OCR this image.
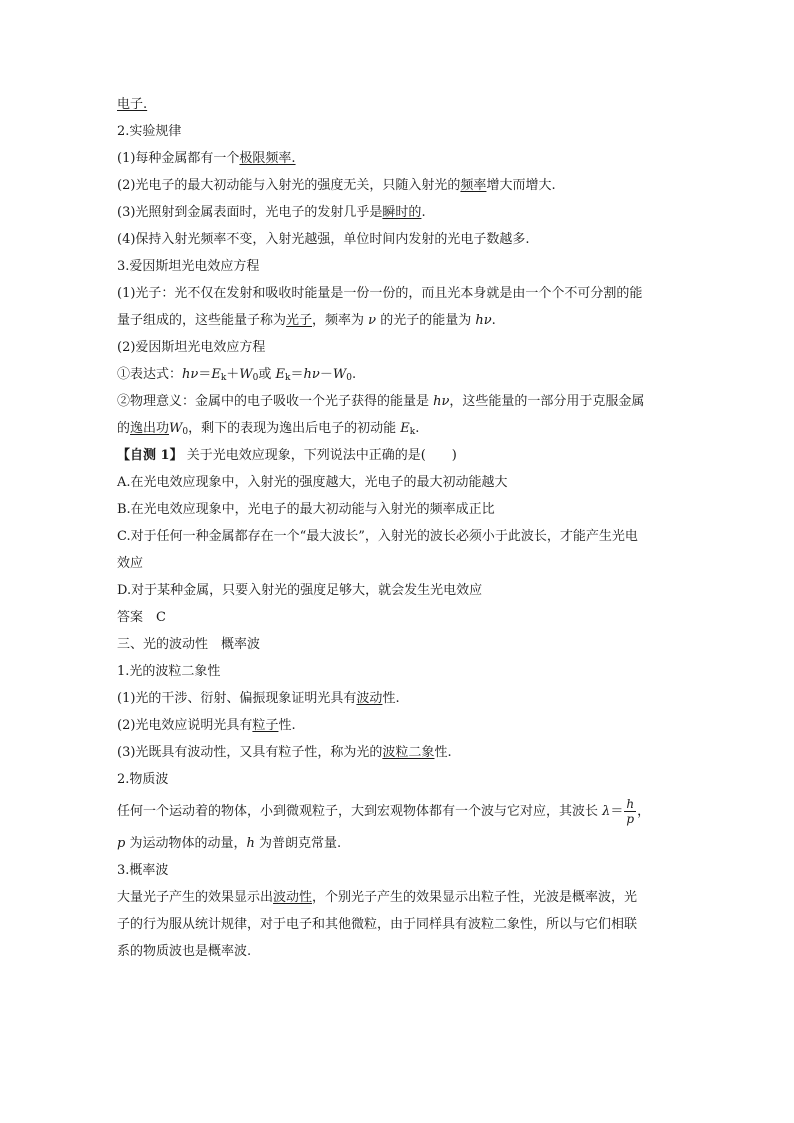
电子.

2.实验规律

(1)每种金属都有一个极限频率.

(2)光电子的最大初动能与入射光的强度无关，只随入射光的频率增大而增大.

(3)光照射到金属表面时，光电子的发射几乎是瞬时的.

(4)保持入射光频率不变，入射光越强，单位时间内发射的光电子数越多.

3.爱因斯坦光电效应方程

(1)光子：光不仅在发射和吸收时能量是一份一份的，而且光本身就是由一个个不可分割的能

量子组成的，这些能量子称为光子，频率为 ν 的光子的能量为 hν.

(2)爱因斯坦光电效应方程

①表达式：$h\nu=E_k+W_0$或 $E_k=h\nu-W_0$.

②物理意义：金属中的电子吸收一个光子获得的能量是 hν，这些能量的一部分用于克服金属

的逸出功$W_0$，剩下的表现为逸出后电子的初动能 $E_k$.

【自测 1】 关于光电效应现象，下列说法中正确的是(　　)

A.在光电效应现象中，入射光的强度越大，光电子的最大初动能越大

B.在光电效应现象中，光电子的最大初动能与入射光的频率成正比

C.对于任何一种金属都存在一个“最大波长”，入射光的波长必须小于此波长，才能产生光电

效应

D.对于某种金属，只要入射光的强度足够大，就会发生光电效应

答案　C

三、光的波动性　概率波

1.光的波粒二象性

(1)光的干涉、衍射、偏振现象证明光具有波动性.

(2)光电效应说明光具有粒子性.

(3)光既具有波动性，又具有粒子性，称为光的波粒二象性.

2.物质波

任何一个运动着的物体，小到微观粒子，大到宏观物体都有一个波与它对应，其波长 $\lambda= \frac{h}{p}$ ，

p 为运动物体的动量，h 为普朗克常量.

3.概率波

大量光子产生的效果显示出波动性，个别光子产生的效果显示出粒子性，光波是概率波，光

子的行为服从统计规律，对于电子和其他微粒，由于同样具有波粒二象性，所以与它们相联

系的物质波也是概率波.
